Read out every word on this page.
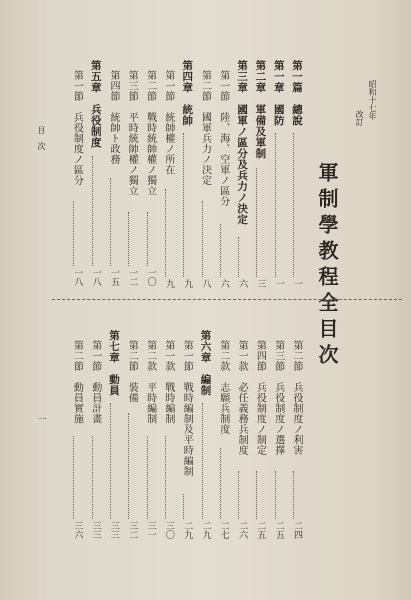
昭和十七年
改訂
軍制學教程全目次
目　次
一
第一篇　總說
一
第一章　國防
一
第二章　軍備及軍制
三
第三章　國軍ノ區分及兵力ノ決定
六
第一節　陸、海、空軍ノ區分
六
第二節　國軍兵力ノ決定
八
第四章　統帥
九
第一節　統帥權ノ所在
九
第二節　戰時統帥權ノ獨立
一〇
第三節　平時統帥權ノ獨立
一二
第四節　統帥ト政務
一五
第五章　兵役制度
一八
第一節　兵役制度ノ區分
一八
第二節　兵役制度ノ利害
二四
第三節　兵役制度ノ選擇
二五
第四節　兵役制度ノ制定
二五
第一款　必任義務兵制度
二六
第二款　志願兵制度
二七
第六章　編制
二九
第一節　戰時編制及平時編制
二九
第一款　戰時編制
三〇
第二款　平時編制
三一
第二節　裝備
三二
第七章　動員
三三
第一節　動員計畫
三三
第二節　動員實施
三六
